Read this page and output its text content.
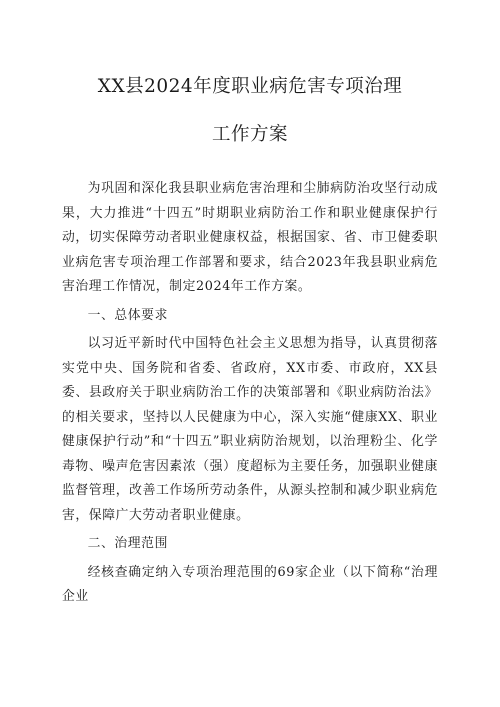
XX县2024年度职业病危害专项治理
工作方案

为巩固和深化我县职业病危害治理和尘肺病防治攻坚行动成果，大力推进“十四五”时期职业病防治工作和职业健康保护行动，切实保障劳动者职业健康权益，根据国家、省、市卫健委职业病危害专项治理工作部署和要求，结合2023年我县职业病危害治理工作情况，制定2024年工作方案。

一、总体要求

以习近平新时代中国特色社会主义思想为指导，认真贯彻落实党中央、国务院和省委、省政府，XX市委、市政府，XX县委、县政府关于职业病防治工作的决策部署和《职业病防治法》的相关要求，坚持以人民健康为中心，深入实施“健康XX、职业健康保护行动”和“十四五”职业病防治规划，以治理粉尘、化学毒物、噪声危害因素浓（强）度超标为主要任务，加强职业健康监督管理，改善工作场所劳动条件，从源头控制和减少职业病危害，保障广大劳动者职业健康。

二、治理范围

经核查确定纳入专项治理范围的69家企业（以下简称“治理企业
